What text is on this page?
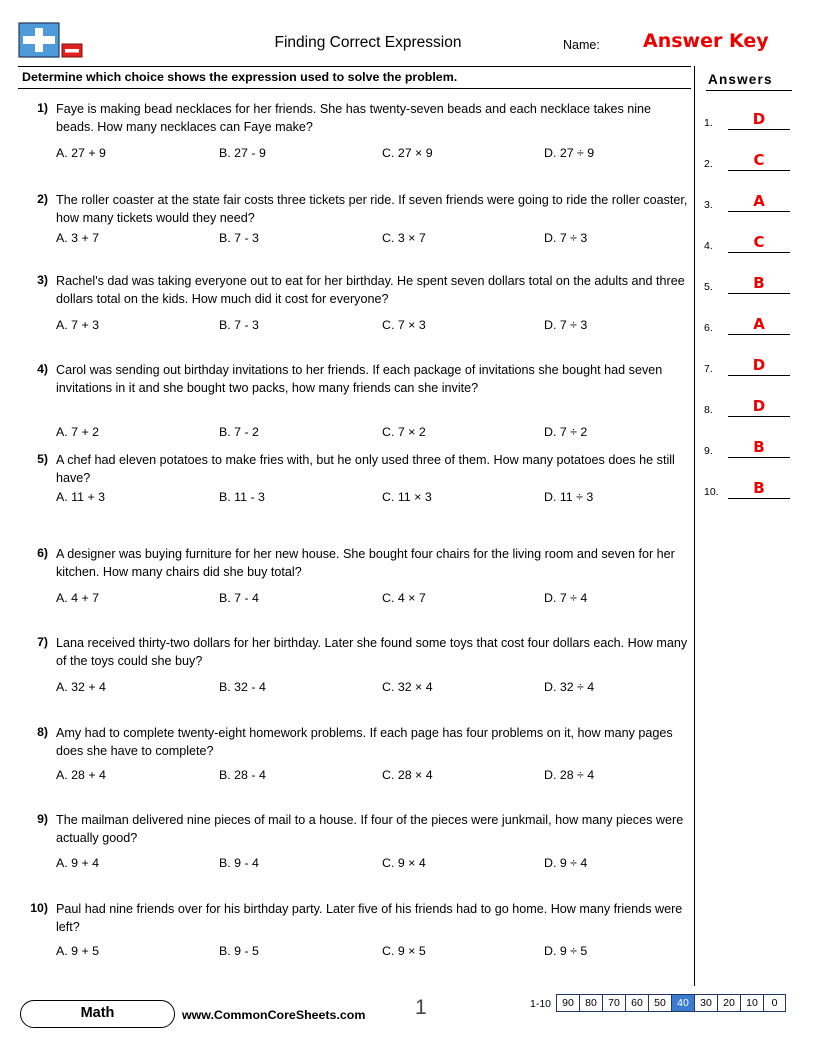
Finding Correct Expression	Name: Answer Key
Determine which choice shows the expression used to solve the problem.	Answers
1.	D
2.	C
3.	A
4.	C
5.	B
6.	A
7.	D
8.	D
9.	B
10.	B
1) Faye is making bead necklaces for her friends. She has twenty-seven beads and each necklace takes nine beads. How many necklaces can Faye make?
A. 27 + 9	B. 27 - 9	C. 27 × 9	D. 27 ÷ 9
2) The roller coaster at the state fair costs three tickets per ride. If seven friends were going to ride the roller coaster, how many tickets would they need?
A. 3 + 7	B. 7 - 3	C. 3 × 7	D. 7 ÷ 3
3) Rachel's dad was taking everyone out to eat for her birthday. He spent seven dollars total on the adults and three dollars total on the kids. How much did it cost for everyone?
A. 7 + 3	B. 7 - 3	C. 7 × 3	D. 7 ÷ 3
4) Carol was sending out birthday invitations to her friends. If each package of invitations she bought had seven invitations in it and she bought two packs, how many friends can she invite?
A. 7 + 2	B. 7 - 2	C. 7 × 2	D. 7 ÷ 2
5) A chef had eleven potatoes to make fries with, but he only used three of them. How many potatoes does he still have?
A. 11 + 3	B. 11 - 3	C. 11 × 3	D. 11 ÷ 3
6) A designer was buying furniture for her new house. She bought four chairs for the living room and seven for her kitchen. How many chairs did she buy total?
A. 4 + 7	B. 7 - 4	C. 4 × 7	D. 7 ÷ 4
7) Lana received thirty-two dollars for her birthday. Later she found some toys that cost four dollars each. How many of the toys could she buy?
A. 32 + 4	B. 32 - 4	C. 32 × 4	D. 32 ÷ 4
8) Amy had to complete twenty-eight homework problems. If each page has four problems on it, how many pages does she have to complete?
A. 28 + 4	B. 28 - 4	C. 28 × 4	D. 28 ÷ 4
9) The mailman delivered nine pieces of mail to a house. If four of the pieces were junkmail, how many pieces were actually good?
A. 9 + 4	B. 9 - 4	C. 9 × 4	D. 9 ÷ 4
10) Paul had nine friends over for his birthday party. Later five of his friends had to go home. How many friends were left?
A. 9 + 5	B. 9 - 5	C. 9 × 5	D. 9 ÷ 5
Math	www.CommonCoreSheets.com 1	1-10	90	80	70	60	50	40	30	20	10	0
